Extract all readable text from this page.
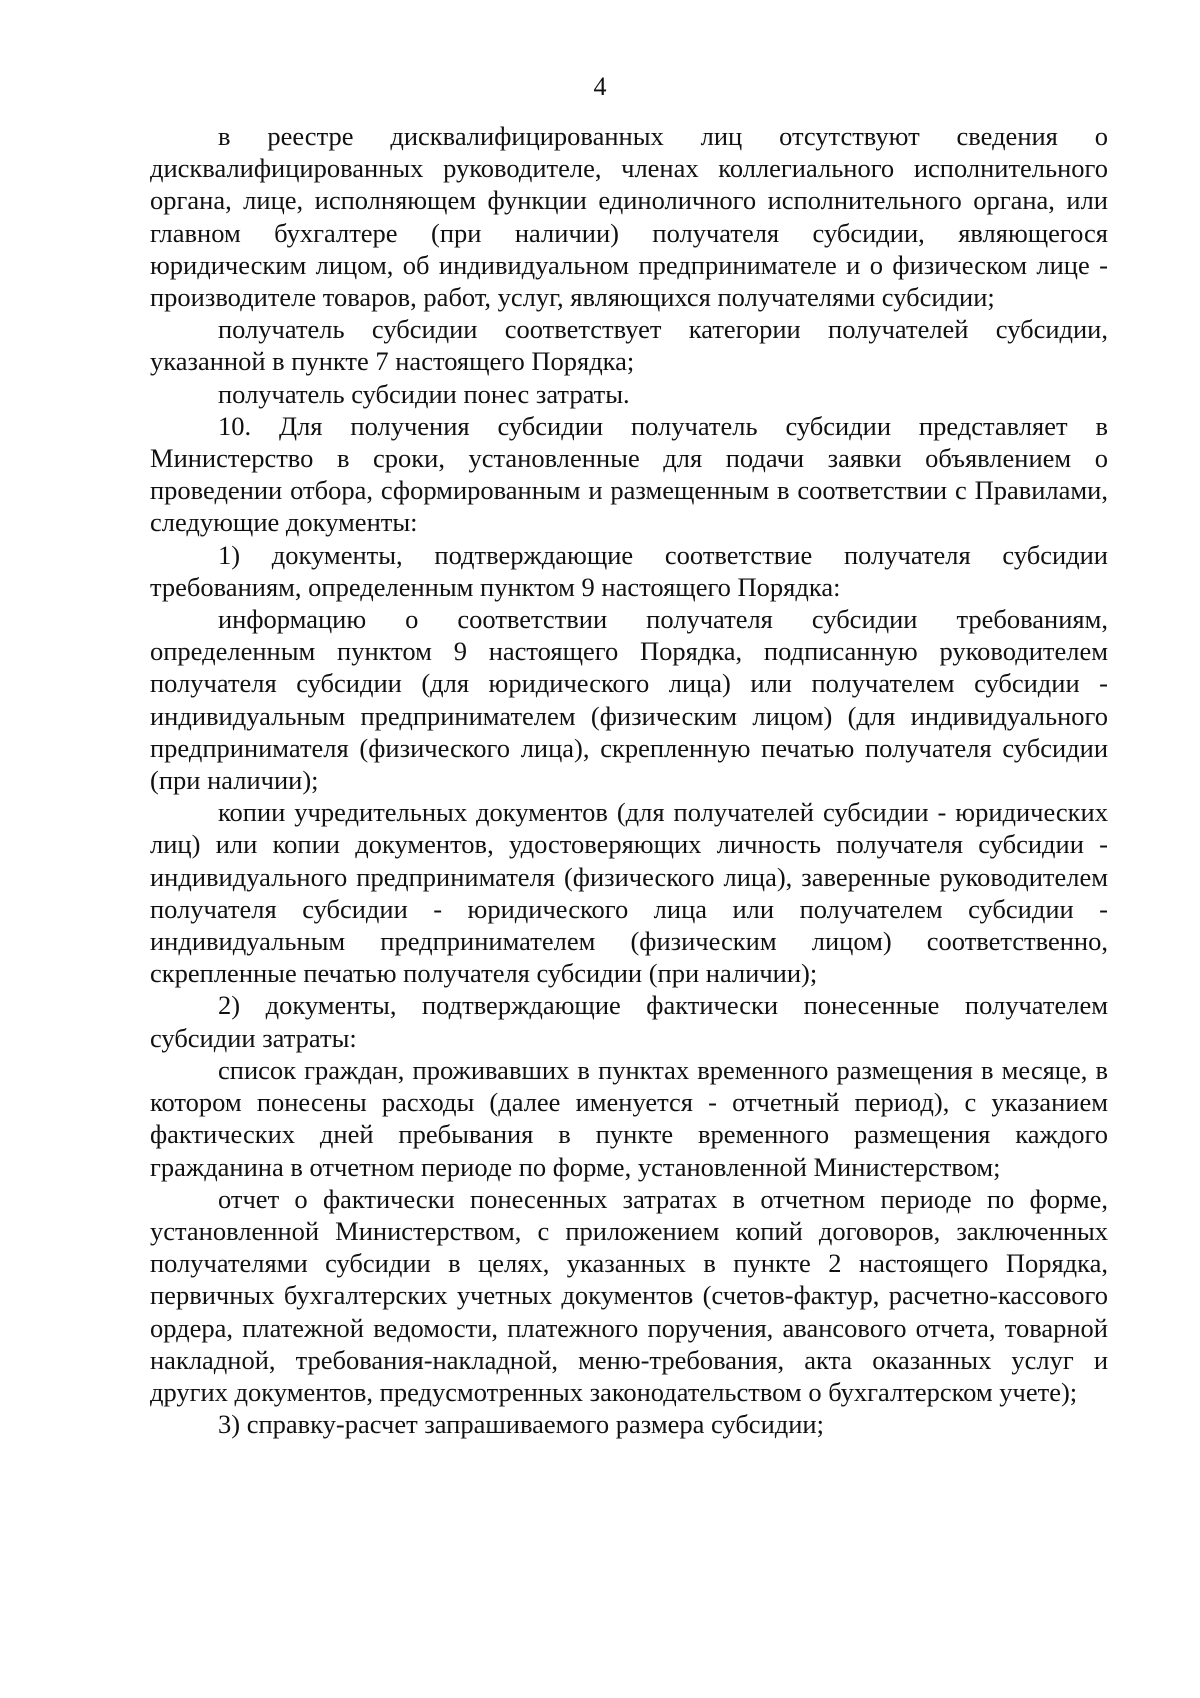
4

в реестре дисквалифицированных лиц отсутствуют сведения о дисквалифицированных руководителе, членах коллегиального исполнительного органа, лице, исполняющем функции единоличного исполнительного органа, или главном бухгалтере (при наличии) получателя субсидии, являющегося юридическим лицом, об индивидуальном предпринимателе и о физическом лице - производителе товаров, работ, услуг, являющихся получателями субсидии;

получатель субсидии соответствует категории получателей субсидии, указанной в пункте 7 настоящего Порядка;

получатель субсидии понес затраты.

10. Для получения субсидии получатель субсидии представляет в Министерство в сроки, установленные для подачи заявки объявлением о проведении отбора, сформированным и размещенным в соответствии с Правилами, следующие документы:

1) документы, подтверждающие соответствие получателя субсидии требованиям, определенным пунктом 9 настоящего Порядка:

информацию о соответствии получателя субсидии требованиям, определенным пунктом 9 настоящего Порядка, подписанную руководителем получателя субсидии (для юридического лица) или получателем субсидии - индивидуальным предпринимателем (физическим лицом) (для индивидуального предпринимателя (физического лица), скрепленную печатью получателя субсидии (при наличии);

копии учредительных документов (для получателей субсидии - юридических лиц) или копии документов, удостоверяющих личность получателя субсидии - индивидуального предпринимателя (физического лица), заверенные руководителем получателя субсидии - юридического лица или получателем субсидии - индивидуальным предпринимателем (физическим лицом) соответственно, скрепленные печатью получателя субсидии (при наличии);

2) документы, подтверждающие фактически понесенные получателем субсидии затраты:

список граждан, проживавших в пунктах временного размещения в месяце, в котором понесены расходы (далее именуется - отчетный период), с указанием фактических дней пребывания в пункте временного размещения каждого гражданина в отчетном периоде по форме, установленной Министерством;

отчет о фактически понесенных затратах в отчетном периоде по форме, установленной Министерством, с приложением копий договоров, заключенных получателями субсидии в целях, указанных в пункте 2 настоящего Порядка, первичных бухгалтерских учетных документов (счетов-фактур, расчетно-кассового ордера, платежной ведомости, платежного поручения, авансового отчета, товарной накладной, требования-накладной, меню-требования, акта оказанных услуг и других документов, предусмотренных законодательством о бухгалтерском учете);

3) справку-расчет запрашиваемого размера субсидии;
